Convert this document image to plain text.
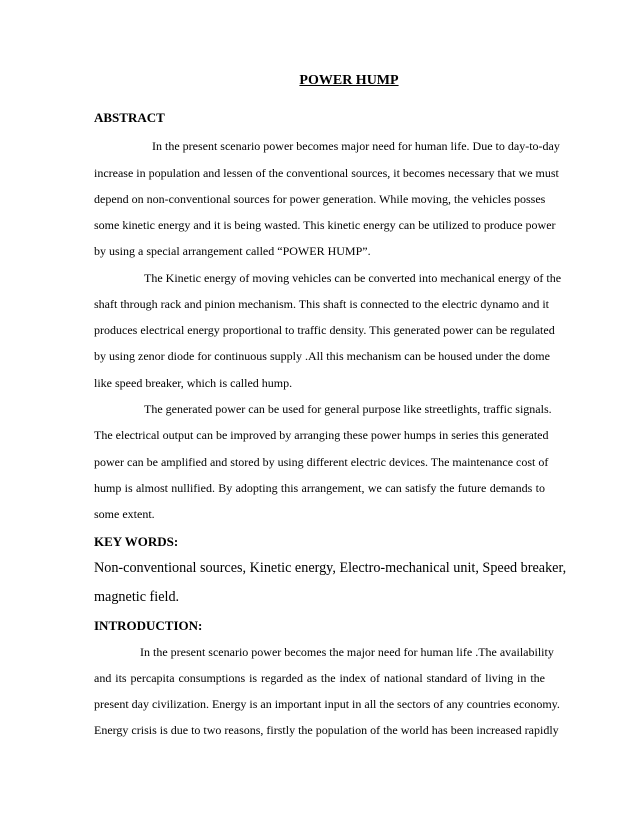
POWER HUMP
ABSTRACT
In the present scenario power becomes major need for human life. Due to day-to-day
increase in population and lessen of the conventional sources, it becomes necessary that we must
depend on non-conventional sources for power generation. While moving, the vehicles posses
some kinetic energy and it is being wasted. This kinetic energy can be utilized to produce power
by using a special arrangement called “POWER HUMP”.
The Kinetic energy of moving vehicles can be converted into mechanical energy of the
shaft through rack and pinion mechanism. This shaft is connected to the electric dynamo and it
produces electrical energy proportional to traffic density. This generated power can be regulated
by using zenor diode for continuous supply .All this mechanism can be housed under the dome
like speed breaker, which is called hump.
The generated power can be used for general purpose like streetlights, traffic signals.
The electrical output can be improved by arranging these power humps in series this generated
power can be amplified and stored by using different electric devices. The maintenance cost of
hump is almost nullified. By adopting this arrangement, we can satisfy the future demands to
some extent.
KEY WORDS:
Non-conventional sources, Kinetic energy, Electro-mechanical unit, Speed breaker,
magnetic field.
INTRODUCTION:
In the present scenario power becomes the major need for human life .The availability
and its percapita consumptions is regarded as the index of national standard of living in the
present day civilization. Energy is an important input in all the sectors of any countries economy.
Energy crisis is due to two reasons, firstly the population of the world has been increased rapidly
